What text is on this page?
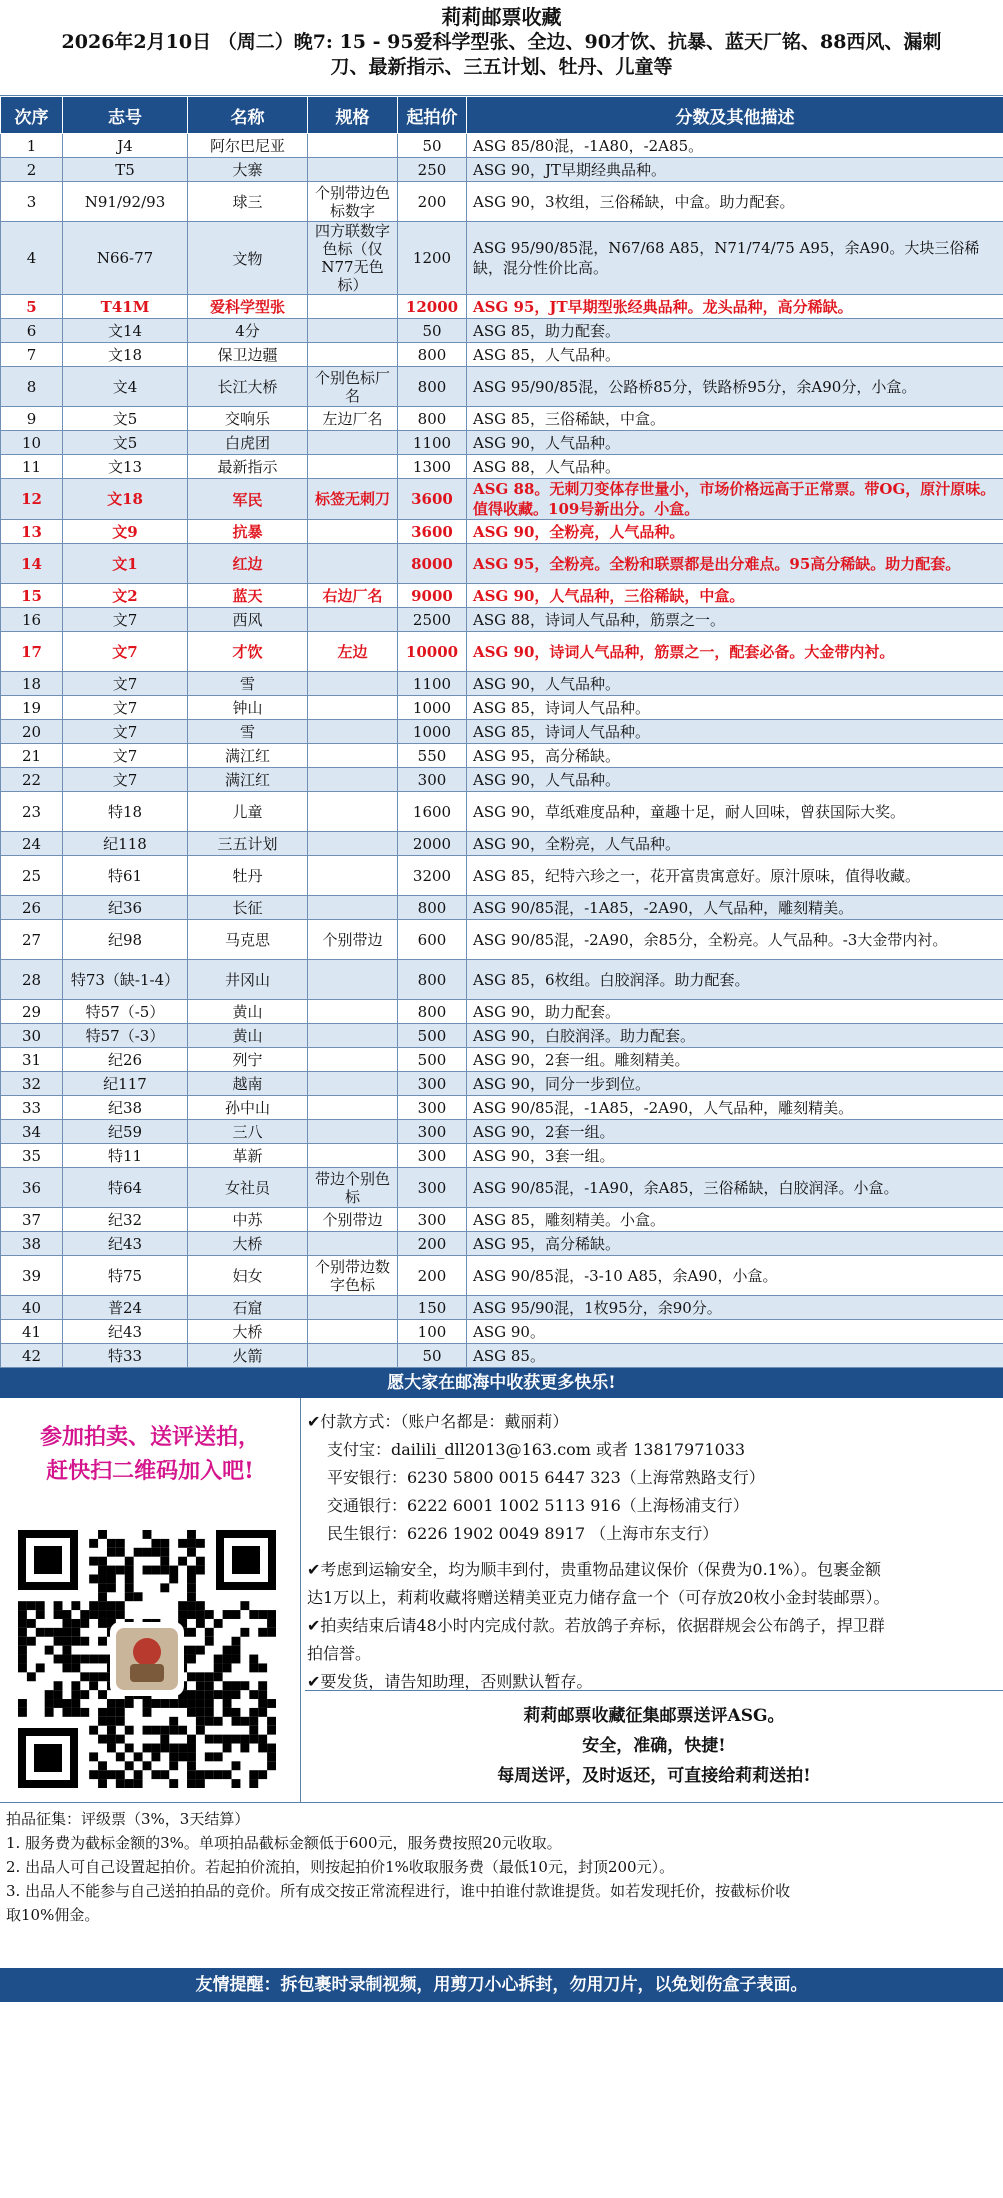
莉莉邮票收藏
2026年2月10日 （周二）晚7: 15 - 95爱科学型张、全边、90才饮、抗暴、蓝天厂铭、88西风、漏刺
刀、最新指示、三五计划、牡丹、儿童等
次序	志号	名称	规格	起拍价	分数及其他描述
1	J4	阿尔巴尼亚		50	ASG 85/80混，-1A80，-2A85。
2	T5	大寨		250	ASG 90，JT早期经典品种。
3	N91/92/93	球三	个别带边色标数字	200	ASG 90，3枚组，三俗稀缺，中盒。助力配套。
4	N66-77	文物	四方联数字色标（仅N77无色标）	1200	ASG 95/90/85混，N67/68 A85，N71/74/75 A95，余A90。大块三俗稀缺，混分性价比高。
5	T41M	爱科学型张		12000	ASG 95，JT早期型张经典品种。龙头品种，高分稀缺。
6	文14	4分		50	ASG 85，助力配套。
7	文18	保卫边疆		800	ASG 85，人气品种。
8	文4	长江大桥	个别色标厂名	800	ASG 95/90/85混，公路桥85分，铁路桥95分，余A90分，小盒。
9	文5	交响乐	左边厂名	800	ASG 85，三俗稀缺，中盒。
10	文5	白虎团		1100	ASG 90，人气品种。
11	文13	最新指示		1300	ASG 88，人气品种。
12	文18	军民	标签无刺刀	3600	ASG 88。无刺刀变体存世量小，市场价格远高于正常票。带OG，原汁原味。值得收藏。109号新出分。小盒。
13	文9	抗暴		3600	ASG 90，全粉亮，人气品种。
14	文1	红边		8000	ASG 95，全粉亮。全粉和联票都是出分难点。95高分稀缺。助力配套。
15	文2	蓝天	右边厂名	9000	ASG 90，人气品种，三俗稀缺，中盒。
16	文7	西风		2500	ASG 88，诗词人气品种，筋票之一。
17	文7	才饮	左边	10000	ASG 90，诗词人气品种，筋票之一，配套必备。大金带内衬。
18	文7	雪		1100	ASG 90，人气品种。
19	文7	钟山		1000	ASG 85，诗词人气品种。
20	文7	雪		1000	ASG 85，诗词人气品种。
21	文7	满江红		550	ASG 95，高分稀缺。
22	文7	满江红		300	ASG 90，人气品种。
23	特18	儿童		1600	ASG 90，草纸难度品种，童趣十足，耐人回味，曾获国际大奖。
24	纪118	三五计划		2000	ASG 90，全粉亮，人气品种。
25	特61	牡丹		3200	ASG 85，纪特六珍之一，花开富贵寓意好。原汁原味，值得收藏。
26	纪36	长征		800	ASG 90/85混，-1A85，-2A90，人气品种，雕刻精美。
27	纪98	马克思	个别带边	600	ASG 90/85混，-2A90，余85分，全粉亮。人气品种。-3大金带内衬。
28	特73（缺-1-4）	井冈山		800	ASG 85，6枚组。白胶润泽。助力配套。
29	特57（-5）	黄山		800	ASG 90，助力配套。
30	特57（-3）	黄山		500	ASG 90，白胶润泽。助力配套。
31	纪26	列宁		500	ASG 90，2套一组。雕刻精美。
32	纪117	越南		300	ASG 90，同分一步到位。
33	纪38	孙中山		300	ASG 90/85混，-1A85，-2A90，人气品种，雕刻精美。
34	纪59	三八		300	ASG 90，2套一组。
35	特11	革新		300	ASG 90，3套一组。
36	特64	女社员	带边个别色标	300	ASG 90/85混，-1A90，余A85，三俗稀缺，白胶润泽。小盒。
37	纪32	中苏	个别带边	300	ASG 85，雕刻精美。小盒。
38	纪43	大桥		200	ASG 95，高分稀缺。
39	特75	妇女	个别带边数字色标	200	ASG 90/85混，-3-10 A85，余A90，小盒。
40	普24	石窟		150	ASG 95/90混，1枚95分，余90分。
41	纪43	大桥		100	ASG 90。
42	特33	火箭		50	ASG 85。
愿大家在邮海中收获更多快乐!
参加拍卖、送评送拍，
赶快扫二维码加入吧!
✔付款方式：（账户名都是：戴丽莉）
支付宝：dailili_dll2013@163.com 或者 13817971033
平安银行：6230 5800 0015 6447 323（上海常熟路支行）
交通银行：6222 6001 1002 5113 916（上海杨浦支行）
民生银行：6226 1902 0049 8917 （上海市东支行）
✔考虑到运输安全，均为顺丰到付，贵重物品建议保价（保费为0.1%）。包裹金额
达1万以上，莉莉收藏将赠送精美亚克力储存盒一个（可存放20枚小金封装邮票）。
✔拍卖结束后请48小时内完成付款。若放鸽子弃标，依据群规会公布鸽子，捍卫群
拍信誉。
✔要发货，请告知助理，否则默认暂存。
莉莉邮票收藏征集邮票送评ASG。
安全，准确，快捷!
每周送评，及时返还，可直接给莉莉送拍!
拍品征集：评级票（3%，3天结算）
1. 服务费为截标金额的3%。单项拍品截标金额低于600元，服务费按照20元收取。
2. 出品人可自己设置起拍价。若起拍价流拍，则按起拍价1%收取服务费（最低10元，封顶200元）。
3. 出品人不能参与自己送拍拍品的竞价。所有成交按正常流程进行，谁中拍谁付款谁提货。如若发现托价，按截标价收
取10%佣金。
友情提醒：拆包裹时录制视频，用剪刀小心拆封，勿用刀片，以免划伤盒子表面。
